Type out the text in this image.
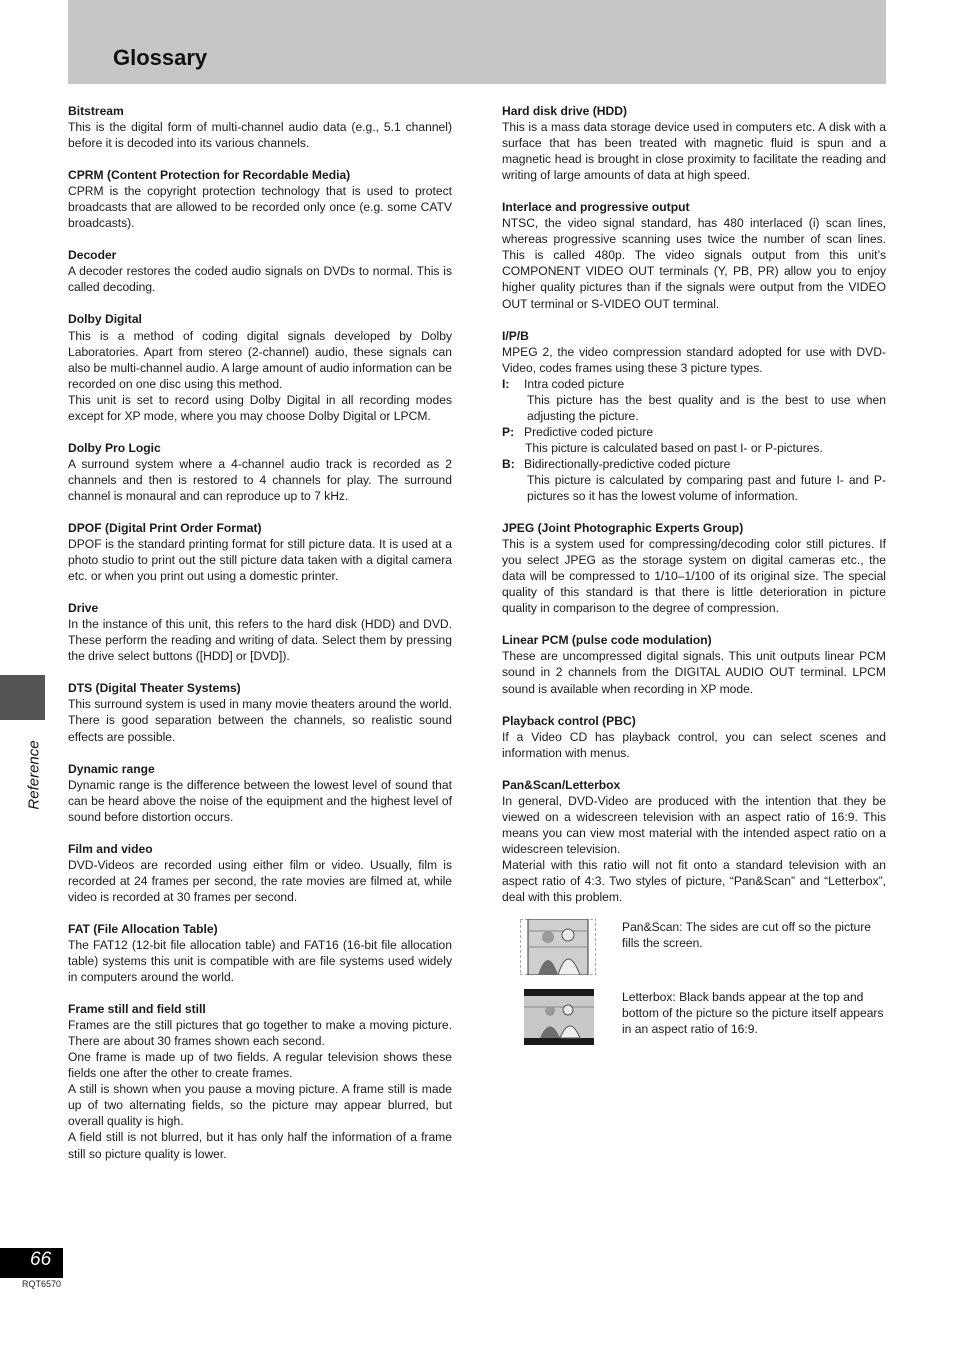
Glossary
Bitstream
This is the digital form of multi-channel audio data (e.g., 5.1 channel) before it is decoded into its various channels.
CPRM (Content Protection for Recordable Media)
CPRM is the copyright protection technology that is used to protect broadcasts that are allowed to be recorded only once (e.g. some CATV broadcasts).
Decoder
A decoder restores the coded audio signals on DVDs to normal. This is called decoding.
Dolby Digital
This is a method of coding digital signals developed by Dolby Laboratories. Apart from stereo (2-channel) audio, these signals can also be multi-channel audio. A large amount of audio information can be recorded on one disc using this method.
This unit is set to record using Dolby Digital in all recording modes except for XP mode, where you may choose Dolby Digital or LPCM.
Dolby Pro Logic
A surround system where a 4-channel audio track is recorded as 2 channels and then is restored to 4 channels for play. The surround channel is monaural and can reproduce up to 7 kHz.
DPOF (Digital Print Order Format)
DPOF is the standard printing format for still picture data. It is used at a photo studio to print out the still picture data taken with a digital camera etc. or when you print out using a domestic printer.
Drive
In the instance of this unit, this refers to the hard disk (HDD) and DVD. These perform the reading and writing of data. Select them by pressing the drive select buttons ([HDD] or [DVD]).
DTS (Digital Theater Systems)
This surround system is used in many movie theaters around the world. There is good separation between the channels, so realistic sound effects are possible.
Dynamic range
Dynamic range is the difference between the lowest level of sound that can be heard above the noise of the equipment and the highest level of sound before distortion occurs.
Film and video
DVD-Videos are recorded using either film or video. Usually, film is recorded at 24 frames per second, the rate movies are filmed at, while video is recorded at 30 frames per second.
FAT (File Allocation Table)
The FAT12 (12-bit file allocation table) and FAT16 (16-bit file allocation table) systems this unit is compatible with are file systems used widely in computers around the world.
Frame still and field still
Frames are the still pictures that go together to make a moving picture. There are about 30 frames shown each second.
One frame is made up of two fields. A regular television shows these fields one after the other to create frames.
A still is shown when you pause a moving picture. A frame still is made up of two alternating fields, so the picture may appear blurred, but overall quality is high.
A field still is not blurred, but it has only half the information of a frame still so picture quality is lower.
Hard disk drive (HDD)
This is a mass data storage device used in computers etc. A disk with a surface that has been treated with magnetic fluid is spun and a magnetic head is brought in close proximity to facilitate the reading and writing of large amounts of data at high speed.
Interlace and progressive output
NTSC, the video signal standard, has 480 interlaced (i) scan lines, whereas progressive scanning uses twice the number of scan lines. This is called 480p. The video signals output from this unit’s COMPONENT VIDEO OUT terminals (Y, PB, PR) allow you to enjoy higher quality pictures than if the signals were output from the VIDEO OUT terminal or S-VIDEO OUT terminal.
I/P/B
MPEG 2, the video compression standard adopted for use with DVD-Video, codes frames using these 3 picture types.
I:	Intra coded picture
This picture has the best quality and is the best to use when adjusting the picture.
P: Predictive coded picture
This picture is calculated based on past I- or P-pictures.
B: Bidirectionally-predictive coded picture
This picture is calculated by comparing past and future I- and P-pictures so it has the lowest volume of information.
JPEG (Joint Photographic Experts Group)
This is a system used for compressing/decoding color still pictures. If you select JPEG as the storage system on digital cameras etc., the data will be compressed to 1/10–1/100 of its original size. The special quality of this standard is that there is little deterioration in picture quality in comparison to the degree of compression.
Linear PCM (pulse code modulation)
These are uncompressed digital signals. This unit outputs linear PCM sound in 2 channels from the DIGITAL AUDIO OUT terminal. LPCM sound is available when recording in XP mode.
Playback control (PBC)
If a Video CD has playback control, you can select scenes and information with menus.
Pan&Scan/Letterbox
In general, DVD-Video are produced with the intention that they be viewed on a widescreen television with an aspect ratio of 16:9. This means you can view most material with the intended aspect ratio on a widescreen television.
Material with this ratio will not fit onto a standard television with an aspect ratio of 4:3. Two styles of picture, “Pan&Scan” and “Letterbox”, deal with this problem.
Pan&Scan: The sides are cut off so the picture fills the screen.
Letterbox: Black bands appear at the top and bottom of the picture so the picture itself appears in an aspect ratio of 16:9.
Reference
66
RQT6570
